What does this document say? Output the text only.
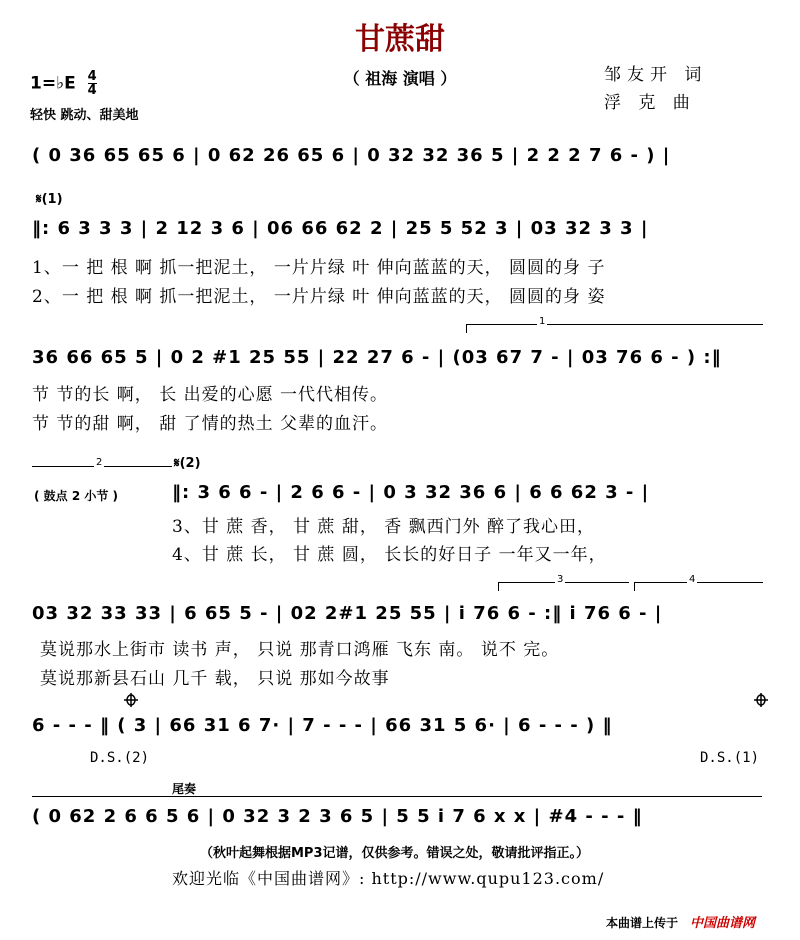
甘蔗甜
（ 祖海 演唱 ）	邹友开 词
浮 克 曲
1=♭E $\frac{4}{4}$
轻快 跳动、甜美地
( 0 36 65 65 6 | 0 62 26 65 6 | 0 32 32 36 5 | 2 2 2 7 6 - ) |
𝄋(1)
‖: 6 3 3 3 | 2 12 3 6 | 06 66 62 2 | 25 5 52 3 | 03 32 3 3 |
1、一 把 根 啊 抓一把泥土， 一片片绿 叶 伸向蓝蓝的天， 圆圆的身 子
2、一 把 根 啊 抓一把泥土， 一片片绿 叶 伸向蓝蓝的天， 圆圆的身 姿
1
36 66 65 5 | 0 2 #1 25 55 | 22 27 6 - | (03 67 7 - | 03 76 6 - ) :‖
节 节的长 啊， 长 出爱的心愿 一代代相传。
节 节的甜 啊， 甜 了情的热土 父辈的血汗。
2	𝄋(2)
( 鼓点 2 小节 )	‖: 3 6 6 - | 2 6 6 - | 0 3 32 36 6 | 6 6 62 3 - |
3、甘 蔗 香， 甘 蔗 甜， 香 飘西门外 醉了我心田，
4、甘 蔗 长， 甘 蔗 圆， 长长的好日子 一年又一年，
3	4
03 32 33 33 | 6 65 5 - | 02 2#1 25 55 | i 76 6 - :‖ i 76 6 - |
莫说那水上街市 读书 声， 只说 那青口鸿雁 飞东 南。 说不 完。
莫说那新县石山 几千 载， 只说 那如今故事
6 - - - ‖ ( 3 | 66 31 6 7· | 7 - - - | 66 31 5 6· | 6 - - - ) ‖
D.S.(2)	D.S.(1)
尾奏
( 0 62 2 6 6 5 6 | 0 32 3 2 3 6 5 | 5 5 i 7 6 x x | #4 - - - ‖
（秋叶起舞根据MP3记谱，仅供参考。错误之处，敬请批评指正。）
欢迎光临《中国曲谱网》: http://www.qupu123.com/
本曲谱上传于 中国曲谱网
